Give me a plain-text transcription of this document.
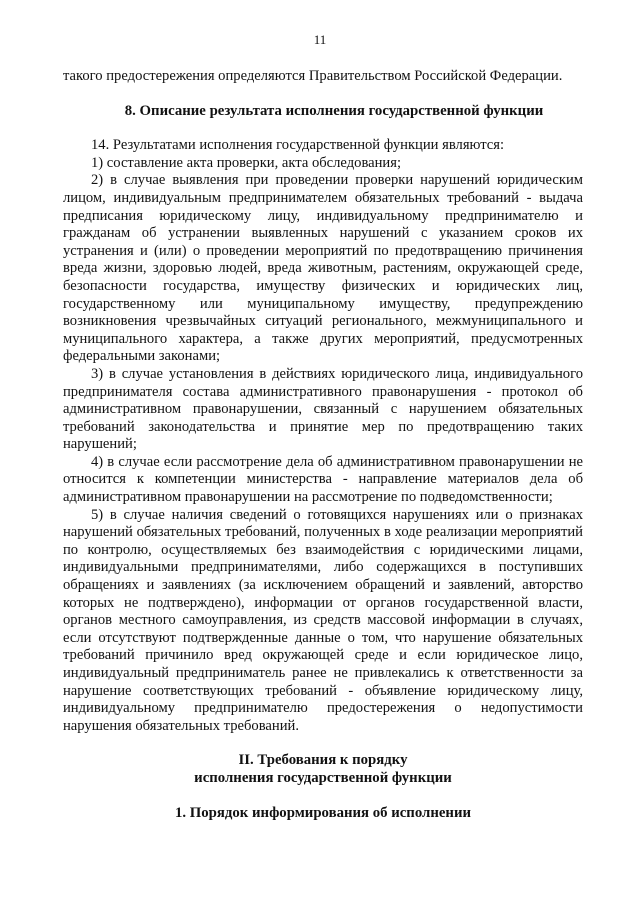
11

такого предостережения определяются Правительством Российской Федерации.

8. Описание результата исполнения государственной функции

14. Результатами исполнения государственной функции являются:

1) составление акта проверки, акта обследования;

2) в случае выявления при проведении проверки нарушений юридическим лицом, индивидуальным предпринимателем обязательных требований - выдача предписания юридическому лицу, индивидуальному предпринимателю и гражданам об устранении выявленных нарушений с указанием сроков их устранения и (или) о проведении мероприятий по предотвращению причинения вреда жизни, здоровью людей, вреда животным, растениям, окружающей среде, безопасности государства, имуществу физических и юридических лиц, государственному или муниципальному имуществу, предупреждению возникновения чрезвычайных ситуаций регионального, межмуниципального и муниципального характера, а также других мероприятий, предусмотренных федеральными законами;

3) в случае установления в действиях юридического лица, индивидуального предпринимателя состава административного правонарушения - протокол об административном правонарушении, связанный с нарушением обязательных требований законодательства и принятие мер по предотвращению таких нарушений;

4) в случае если рассмотрение дела об административном правонарушении не относится к компетенции министерства - направление материалов дела об административном правонарушении на рассмотрение по подведомственности;

5) в случае наличия сведений о готовящихся нарушениях или о признаках нарушений обязательных требований, полученных в ходе реализации мероприятий по контролю, осуществляемых без взаимодействия с юридическими лицами, индивидуальными предпринимателями, либо содержащихся в поступивших обращениях и заявлениях (за исключением обращений и заявлений, авторство которых не подтверждено), информации от органов государственной власти, органов местного самоуправления, из средств массовой информации в случаях, если отсутствуют подтвержденные данные о том, что нарушение обязательных требований причинило вред окружающей среде и если юридическое лицо, индивидуальный предприниматель ранее не привлекались к ответственности за нарушение соответствующих требований - объявление юридическому лицу, индивидуальному предпринимателю предостережения о недопустимости нарушения обязательных требований.

II. Требования к порядку
исполнения государственной функции
1. Порядок информирования об исполнении
